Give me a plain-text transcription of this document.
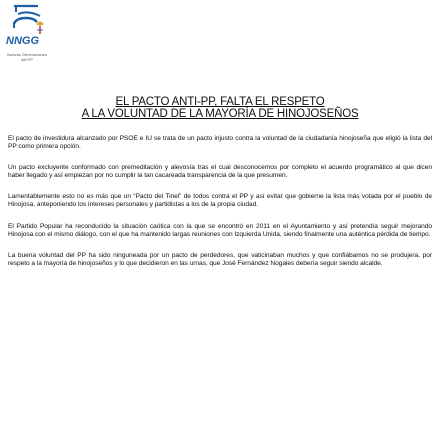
NNGG
Nuevas Generaciones del PP
EL PACTO ANTI-PP, FALTA EL RESPETO
A LA VOLUNTAD DE LA MAYORÍA DE HINOJOSEÑOS

El pacto de investidura alcanzado por PSOE e IU se trata de un pacto injusto contra la voluntad de la ciudadanía hinojoseña que eligió la lista del PP como primera opción.

Un pacto excluyente conformado con premeditación y alevosía tras el cual desconocemos por completo el acuerdo programático al que dicen haber llegado y así empiezan por no cumplir la tan cacareada transparencia de la que presumen.

Lamentablemente esto no es más que un “Pacto del Tinel” de todos contra el PP y así evitar que gobierne la lista más votada por el pueblo de Hinojosa, anteponiendo los intereses personales y partidistas a los de la propia ciudad.

El Partido Popular ha reconducido la situación caótica con la que se encontró en 2011 en el Ayuntamiento y así pretendía seguir mejorando Hinojosa con el mismo diálogo, con el que ha mantenido largas reuniones con Izquierda Unida, siendo finalmente una auténtica pérdida de tiempo.

La buena voluntad del PP ha sido ninguneada por un pacto de perdedores, que vaticinaban muchos y que confiábamos no se produjera, por respeto a la mayoría de hinojoseños y lo que decidieron en las urnas, que José Fernández Nogales debería seguir siendo alcalde.
